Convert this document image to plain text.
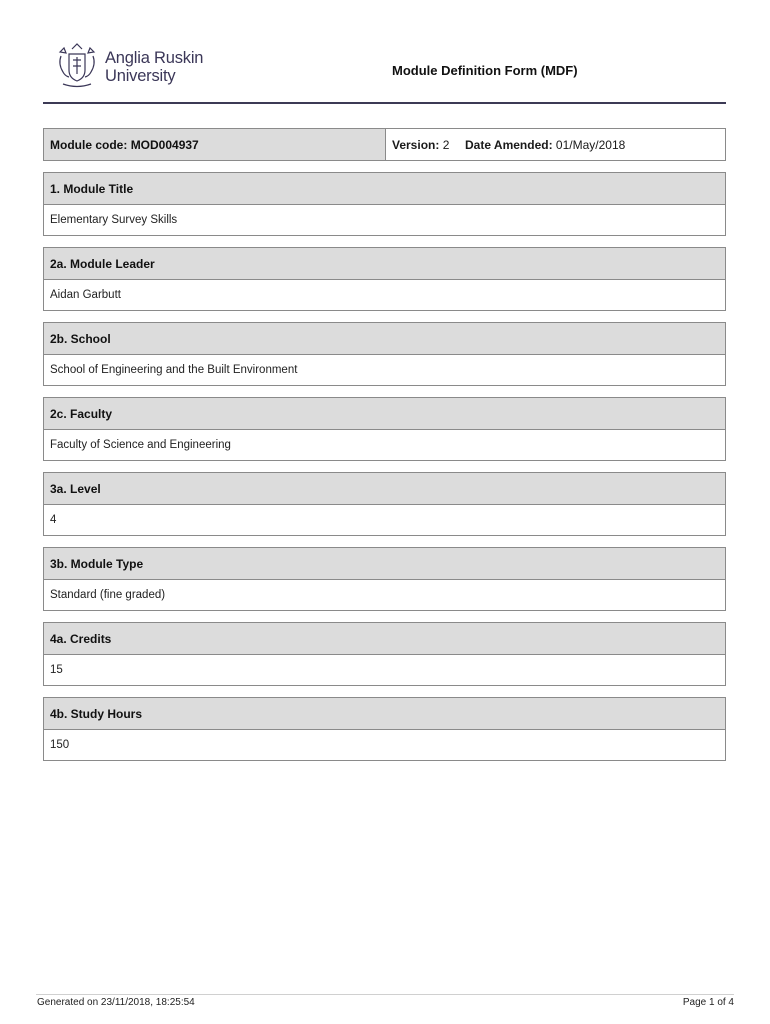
Anglia Ruskin
University	Module Definition Form (MDF)
Module code: MOD004937	Version: 2 Date Amended: 01/May/2018
1. Module Title
Elementary Survey Skills
2a. Module Leader
Aidan Garbutt
2b. School
School of Engineering and the Built Environment
2c. Faculty
Faculty of Science and Engineering
3a. Level
4
3b. Module Type
Standard (fine graded)
4a. Credits
15
4b. Study Hours
150
Generated on 23/11/2018, 18:25:54	Page 1 of 4
